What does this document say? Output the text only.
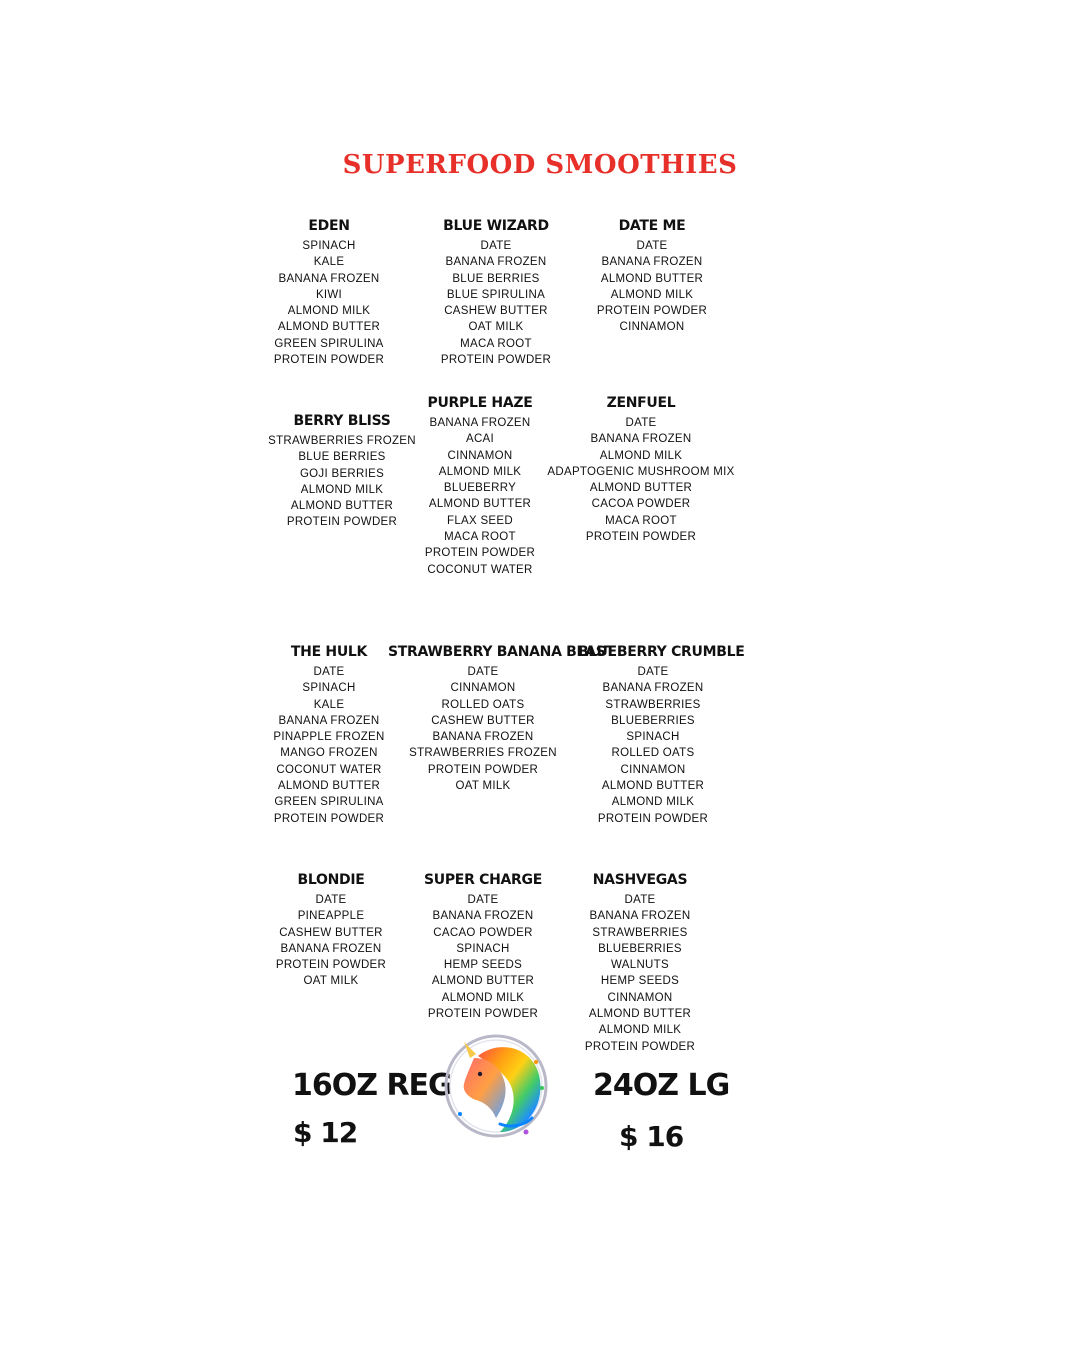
SUPERFOOD SMOOTHIES
EDEN
SPINACH
KALE
BANANA FROZEN
KIWI
ALMOND MILK
ALMOND BUTTER
GREEN SPIRULINA
PROTEIN POWDER
BLUE WIZARD
DATE
BANANA FROZEN
BLUE BERRIES
BLUE SPIRULINA
CASHEW BUTTER
OAT MILK
MACA ROOT
PROTEIN POWDER
DATE ME
DATE
BANANA FROZEN
ALMOND BUTTER
ALMOND MILK
PROTEIN POWDER
CINNAMON
BERRY BLISS
STRAWBERRIES FROZEN
BLUE BERRIES
GOJI BERRIES
ALMOND MILK
ALMOND BUTTER
PROTEIN POWDER
PURPLE HAZE
BANANA FROZEN
ACAI
CINNAMON
ALMOND MILK
BLUEBERRY
ALMOND BUTTER
FLAX SEED
MACA ROOT
PROTEIN POWDER
COCONUT WATER
ZENFUEL
DATE
BANANA FROZEN
ALMOND MILK
ADAPTOGENIC MUSHROOM MIX
ALMOND BUTTER
CACOA POWDER
MACA ROOT
PROTEIN POWDER
THE HULK
DATE
SPINACH
KALE
BANANA FROZEN
PINAPPLE FROZEN
MANGO FROZEN
COCONUT WATER
ALMOND BUTTER
GREEN SPIRULINA
PROTEIN POWDER
STRAWBERRY BANANA BLAST
DATE
CINNAMON
ROLLED OATS
CASHEW BUTTER
BANANA FROZEN
STRAWBERRIES FROZEN
PROTEIN POWDER
OAT MILK
BLUEBERRY CRUMBLE
DATE
BANANA FROZEN
STRAWBERRIES
BLUEBERRIES
SPINACH
ROLLED OATS
CINNAMON
ALMOND BUTTER
ALMOND MILK
PROTEIN POWDER
BLONDIE
DATE
PINEAPPLE
CASHEW BUTTER
BANANA FROZEN
PROTEIN POWDER
OAT MILK
SUPER CHARGE
DATE
BANANA FROZEN
CACAO POWDER
SPINACH
HEMP SEEDS
ALMOND BUTTER
ALMOND MILK
PROTEIN POWDER
NASHVEGAS
DATE
BANANA FROZEN
STRAWBERRIES
BLUEBERRIES
WALNUTS
HEMP SEEDS
CINNAMON
ALMOND BUTTER
ALMOND MILK
PROTEIN POWDER
16OZ REG
$ 12
24OZ LG
$ 16
